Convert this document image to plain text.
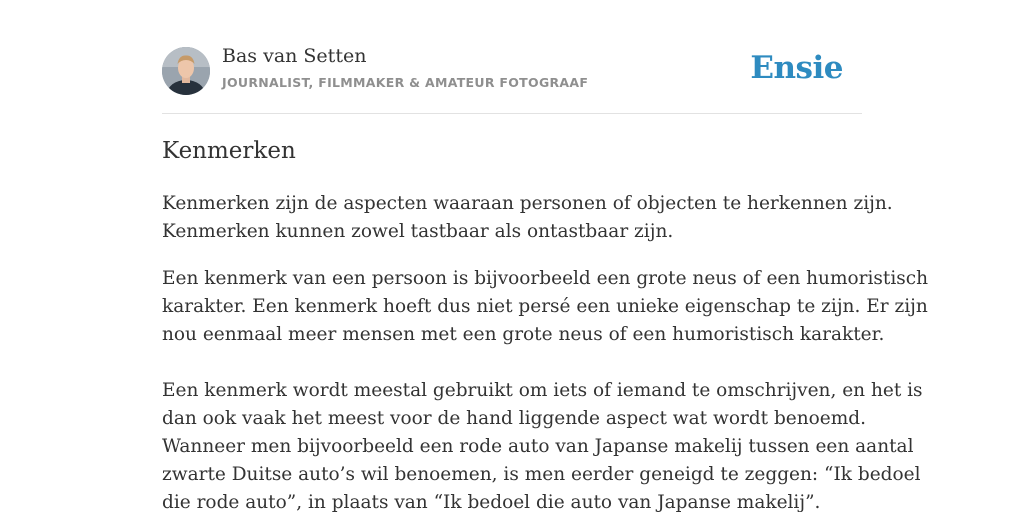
Bas van Setten
JOURNALIST, FILMMAKER & AMATEUR FOTOGRAAF	Ensie
Kenmerken

Kenmerken zijn de aspecten waaraan personen of objecten te herkennen zijn.
Kenmerken kunnen zowel tastbaar als ontastbaar zijn.

Een kenmerk van een persoon is bijvoorbeeld een grote neus of een humoristisch
karakter. Een kenmerk hoeft dus niet persé een unieke eigenschap te zijn. Er zijn
nou eenmaal meer mensen met een grote neus of een humoristisch karakter.

Een kenmerk wordt meestal gebruikt om iets of iemand te omschrijven, en het is
dan ook vaak het meest voor de hand liggende aspect wat wordt benoemd.
Wanneer men bijvoorbeeld een rode auto van Japanse makelij tussen een aantal
zwarte Duitse auto’s wil benoemen, is men eerder geneigd te zeggen: “Ik bedoel
die rode auto”, in plaats van “Ik bedoel die auto van Japanse makelij”.
